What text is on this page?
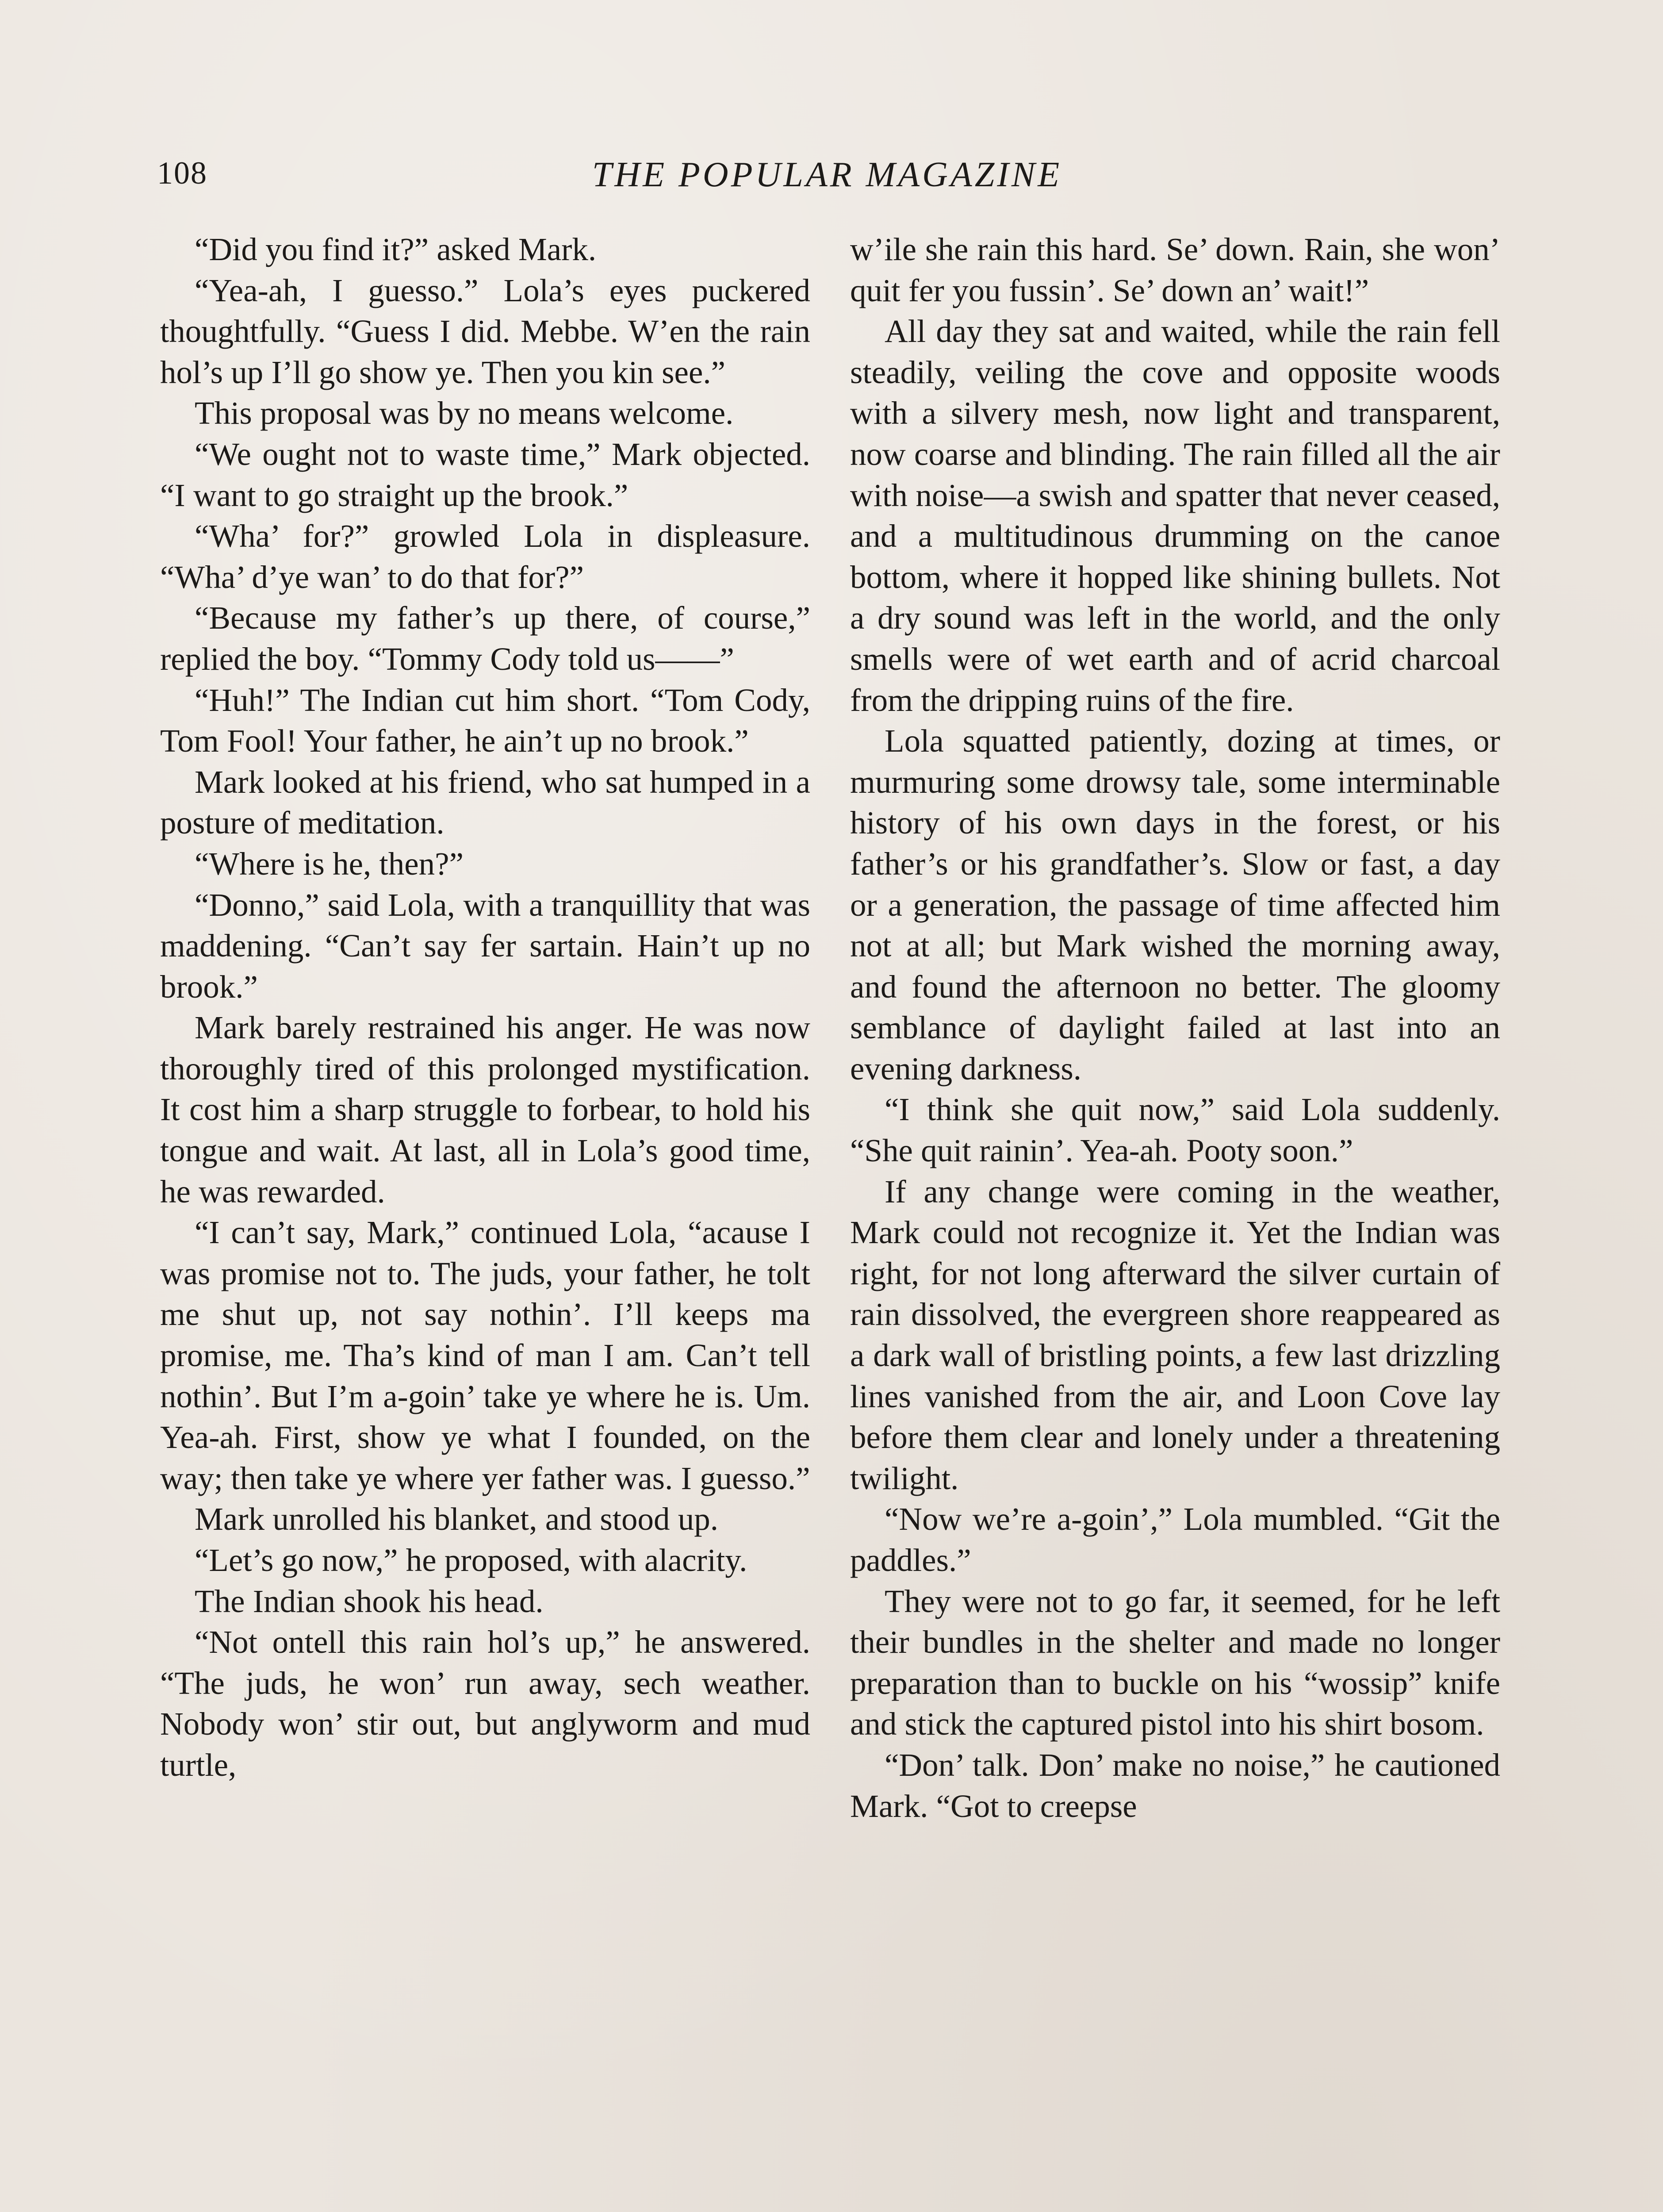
108	THE POPULAR MAGAZINE

“Did you find it?” asked Mark.

“Yea-ah, I guesso.” Lola’s eyes puckered thoughtfully. “Guess I did. Mebbe. W’en the rain hol’s up I’ll go show ye. Then you kin see.”

This proposal was by no means welcome.

“We ought not to waste time,” Mark objected. “I want to go straight up the brook.”

“Wha’ for?” growled Lola in displeasure. “Wha’ d’ye wan’ to do that for?”

“Because my father’s up there, of course,” replied the boy. “Tommy Cody told us——”

“Huh!” The Indian cut him short. “Tom Cody, Tom Fool! Your father, he ain’t up no brook.”

Mark looked at his friend, who sat humped in a posture of meditation.

“Where is he, then?”

“Donno,” said Lola, with a tranquillity that was maddening. “Can’t say fer sartain. Hain’t up no brook.”

Mark barely restrained his anger. He was now thoroughly tired of this prolonged mystification. It cost him a sharp struggle to forbear, to hold his tongue and wait. At last, all in Lola’s good time, he was rewarded.

“I can’t say, Mark,” continued Lola, “acause I was promise not to. The juds, your father, he tolt me shut up, not say nothin’. I’ll keeps ma promise, me. Tha’s kind of man I am. Can’t tell nothin’. But I’m a-goin’ take ye where he is. Um. Yea-ah. First, show ye what I founded, on the way; then take ye where yer father was. I guesso.”

Mark unrolled his blanket, and stood up.

“Let’s go now,” he proposed, with alacrity.

The Indian shook his head.

“Not ontell this rain hol’s up,” he answered. “The juds, he won’ run away, sech weather. Nobody won’ stir out, but anglyworm and mud turtle,

w’ile she rain this hard. Se’ down. Rain, she won’ quit fer you fussin’. Se’ down an’ wait!”

All day they sat and waited, while the rain fell steadily, veiling the cove and opposite woods with a silvery mesh, now light and transparent, now coarse and blinding. The rain filled all the air with noise—a swish and spatter that never ceased, and a multitudinous drumming on the canoe bottom, where it hopped like shining bullets. Not a dry sound was left in the world, and the only smells were of wet earth and of acrid charcoal from the dripping ruins of the fire.

Lola squatted patiently, dozing at times, or murmuring some drowsy tale, some interminable history of his own days in the forest, or his father’s or his grandfather’s. Slow or fast, a day or a generation, the passage of time affected him not at all; but Mark wished the morning away, and found the afternoon no better. The gloomy semblance of daylight failed at last into an evening darkness.

“I think she quit now,” said Lola suddenly. “She quit rainin’. Yea-ah. Pooty soon.”

If any change were coming in the weather, Mark could not recognize it. Yet the Indian was right, for not long afterward the silver curtain of rain dissolved, the evergreen shore reappeared as a dark wall of bristling points, a few last drizzling lines vanished from the air, and Loon Cove lay before them clear and lonely under a threatening twilight.

“Now we’re a-goin’,” Lola mumbled. “Git the paddles.”

They were not to go far, it seemed, for he left their bundles in the shelter and made no longer preparation than to buckle on his “wossip” knife and stick the captured pistol into his shirt bosom.

“Don’ talk. Don’ make no noise,” he cautioned Mark. “Got to creepse
